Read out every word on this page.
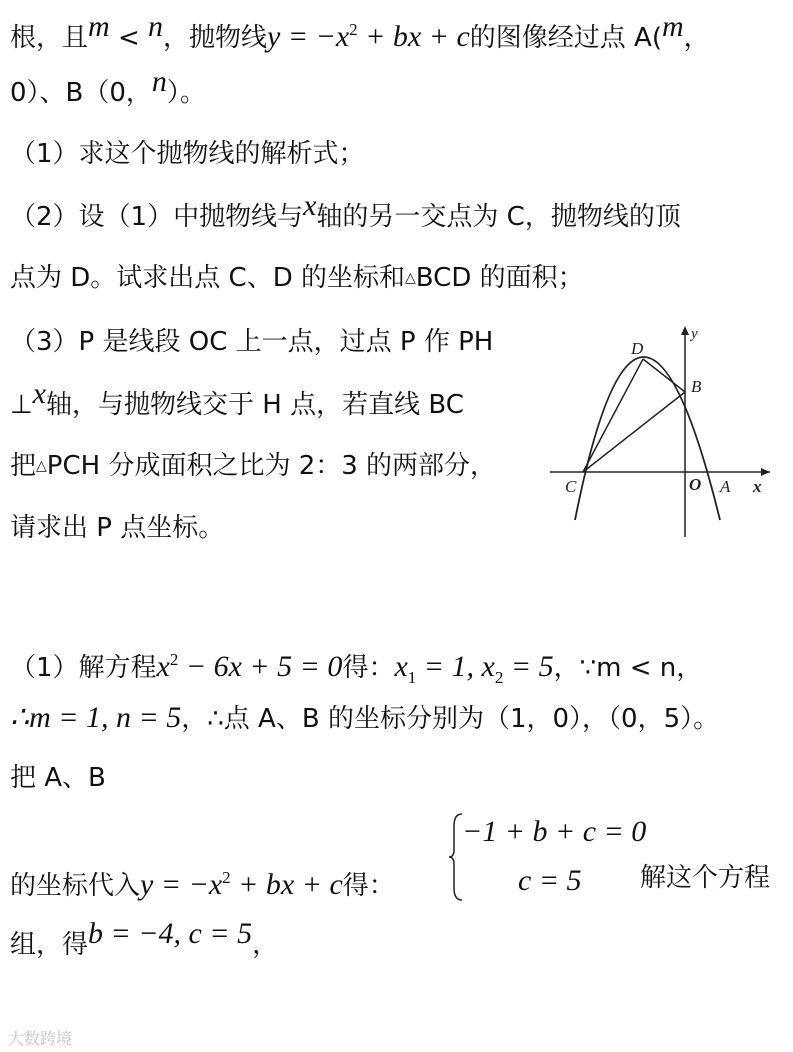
根，且m < n，抛物线$y = -x^2$ + bx + c的图像经过点 A(m，
0）、B（0，n）。
（1）求这个抛物线的解析式；
（2）设（1）中抛物线与x轴的另一交点为 C，抛物线的顶
点为 D。试求出点 C、D 的坐标和△BCD 的面积；
（3）P 是线段 OC 上一点，过点 P 作 PH
⊥x轴，与抛物线交于 H 点，若直线 BC
把△PCH 分成面积之比为 2：3 的两部分，
请求出 P 点坐标。
D
B
C	O A x
y
（1）解方程$x^2 - 6x + 5 = 0$得：$x_1 = 1$, $x_2 = 5$，∵m < n，
∴m = 1, n = 5，∴点 A、B 的坐标分别为（1，0），（0，5）。
把 A、B
的坐标代入$y = -x^2$ + bx + c得：
−1 + b + c = 0
c = 5 解这个方程
组，得b = −4, c = 5，
大数跨境
